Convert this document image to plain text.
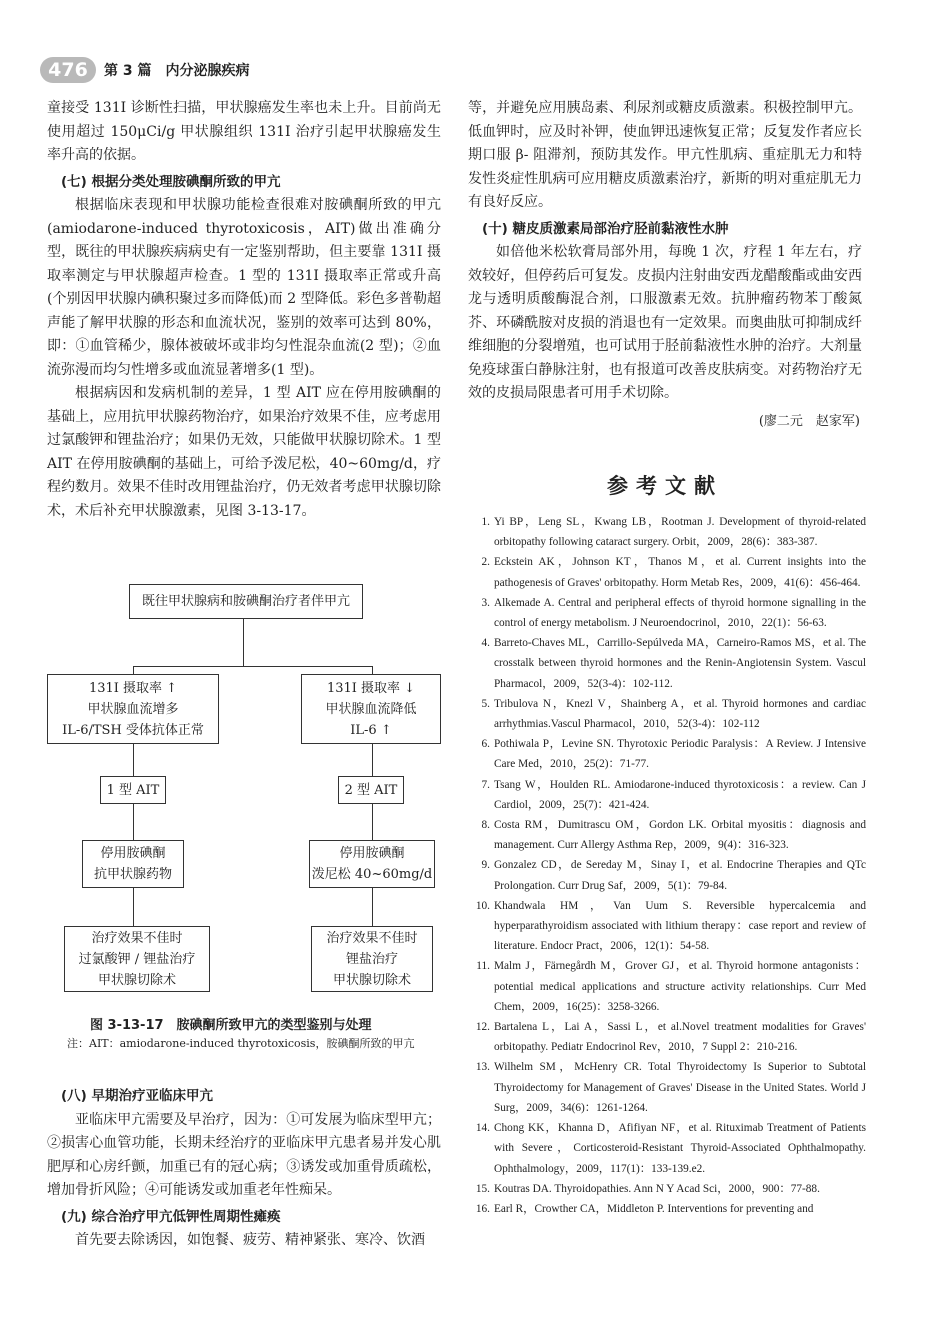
476	第 3 篇　内分泌腺疾病

童接受 131I 诊断性扫描，甲状腺癌发生率也未上升。目前尚无使用超过 150μCi/g 甲状腺组织 131I 治疗引起甲状腺癌发生率升高的依据。

(七) 根据分类处理胺碘酮所致的甲亢

根据临床表现和甲状腺功能检查很难对胺碘酮所致的甲亢(amiodarone-induced thyrotoxicosis，AIT)做出准确分型，既往的甲状腺疾病病史有一定鉴别帮助，但主要靠 131I 摄取率测定与甲状腺超声检查。1 型的 131I 摄取率正常或升高(个别因甲状腺内碘积聚过多而降低)而 2 型降低。彩色多普勒超声能了解甲状腺的形态和血流状况，鉴别的效率可达到 80%，即：①血管稀少，腺体被破坏或非均匀性混杂血流(2 型)；②血流弥漫而均匀性增多或血流显著增多(1 型)。

根据病因和发病机制的差异，1 型 AIT 应在停用胺碘酮的基础上，应用抗甲状腺药物治疗，如果治疗效果不佳，应考虑用过氯酸钾和锂盐治疗；如果仍无效，只能做甲状腺切除术。1 型 AIT 在停用胺碘酮的基础上，可给予泼尼松，40~60mg/d，疗程约数月。效果不佳时改用锂盐治疗，仍无效者考虑甲状腺切除术，术后补充甲状腺激素，见图 3-13-17。

既往甲状腺病和胺碘酮治疗者伴甲亢
131I 摄取率 ↑
甲状腺血流增多
IL-6/TSH 受体抗体正常
131I 摄取率 ↓
甲状腺血流降低
IL-6 ↑
1 型 AIT	2 型 AIT
停用胺碘酮
抗甲状腺药物
停用胺碘酮
泼尼松 40~60mg/d
治疗效果不佳时
过氯酸钾 / 锂盐治疗
甲状腺切除术
治疗效果不佳时
锂盐治疗
甲状腺切除术
图 3-13-17　胺碘酮所致甲亢的类型鉴别与处理
注：AIT：amiodarone-induced thyrotoxicosis，胺碘酮所致的甲亢
(八) 早期治疗亚临床甲亢

亚临床甲亢需要及早治疗，因为：①可发展为临床型甲亢；②损害心血管功能，长期未经治疗的亚临床甲亢患者易并发心肌肥厚和心房纤颤，加重已有的冠心病；③诱发或加重骨质疏松，增加骨折风险；④可能诱发或加重老年性痴呆。

(九) 综合治疗甲亢低钾性周期性瘫痪

首先要去除诱因，如饱餐、疲劳、精神紧张、寒冷、饮酒

等，并避免应用胰岛素、利尿剂或糖皮质激素。积极控制甲亢。低血钾时，应及时补钾，使血钾迅速恢复正常；反复发作者应长期口服 β- 阻滞剂，预防其发作。甲亢性肌病、重症肌无力和特发性炎症性肌病可应用糖皮质激素治疗，新斯的明对重症肌无力有良好反应。

(十) 糖皮质激素局部治疗胫前黏液性水肿

如倍他米松软膏局部外用，每晚 1 次，疗程 1 年左右，疗效较好，但停药后可复发。皮损内注射曲安西龙醋酸酯或曲安西龙与透明质酸酶混合剂，口服激素无效。抗肿瘤药物苯丁酸氮芥、环磷酰胺对皮损的消退也有一定效果。而奥曲肽可抑制成纤维细胞的分裂增殖，也可试用于胫前黏液性水肿的治疗。大剂量免疫球蛋白静脉注射，也有报道可改善皮肤病变。对药物治疗无效的皮损局限患者可用手术切除。

(廖二元　赵家军)
参考文献
1. Yi BP，Leng SL，Kwang LB，Rootman J. Development of thyroid-related orbitopathy following cataract surgery. Orbit，2009，28(6)：383-387.
2. Eckstein AK，Johnson KT，Thanos M，et al. Current insights into the pathogenesis of Graves' orbitopathy. Horm Metab Res，2009，41(6)：456-464.
3. Alkemade A. Central and peripheral effects of thyroid hormone signalling in the control of energy metabolism. J Neuroendocrinol，2010，22(1)：56-63.
4. Barreto-Chaves ML，Carrillo-Sepúlveda MA，Carneiro-Ramos MS，et al. The crosstalk between thyroid hormones and the Renin-Angiotensin System. Vascul Pharmacol，2009，52(3-4)：102-112.
5. Tribulova N，Knezl V，Shainberg A，et al. Thyroid hormones and cardiac arrhythmias.Vascul Pharmacol，2010，52(3-4)：102-112
6. Pothiwala P，Levine SN. Thyrotoxic Periodic Paralysis：A Review. J Intensive Care Med，2010，25(2)：71-77.
7. Tsang W，Houlden RL. Amiodarone-induced thyrotoxicosis：a review. Can J Cardiol，2009，25(7)：421-424.
8. Costa RM，Dumitrascu OM，Gordon LK. Orbital myositis：diagnosis and management. Curr Allergy Asthma Rep，2009，9(4)：316-323.
9. Gonzalez CD，de Sereday M，Sinay I，et al. Endocrine Therapies and QTc Prolongation. Curr Drug Saf，2009，5(1)：79-84.
10. Khandwala HM，Van Uum S. Reversible hypercalcemia and hyperparathyroidism associated with lithium therapy：case report and review of literature. Endocr Pract，2006，12(1)：54-58.
11. Malm J，Färnegårdh M，Grover GJ，et al. Thyroid hormone antagonists：potential medical applications and structure activity relationships. Curr Med Chem，2009，16(25)：3258-3266.
12. Bartalena L，Lai A，Sassi L，et al.Novel treatment modalities for Graves' orbitopathy. Pediatr Endocrinol Rev，2010，7 Suppl 2：210-216.
13. Wilhelm SM，McHenry CR. Total Thyroidectomy Is Superior to Subtotal Thyroidectomy for Management of Graves' Disease in the United States. World J Surg，2009，34(6)：1261-1264.
14. Chong KK，Khanna D，Afifiyan NF，et al. Rituximab Treatment of Patients with Severe，Corticosteroid-Resistant Thyroid-Associated Ophthalmopathy. Ophthalmology，2009，117(1)：133-139.e2.
15. Koutras DA. Thyroidopathies. Ann N Y Acad Sci，2000，900：77-88.
16. Earl R，Crowther CA，Middleton P. Interventions for preventing and
